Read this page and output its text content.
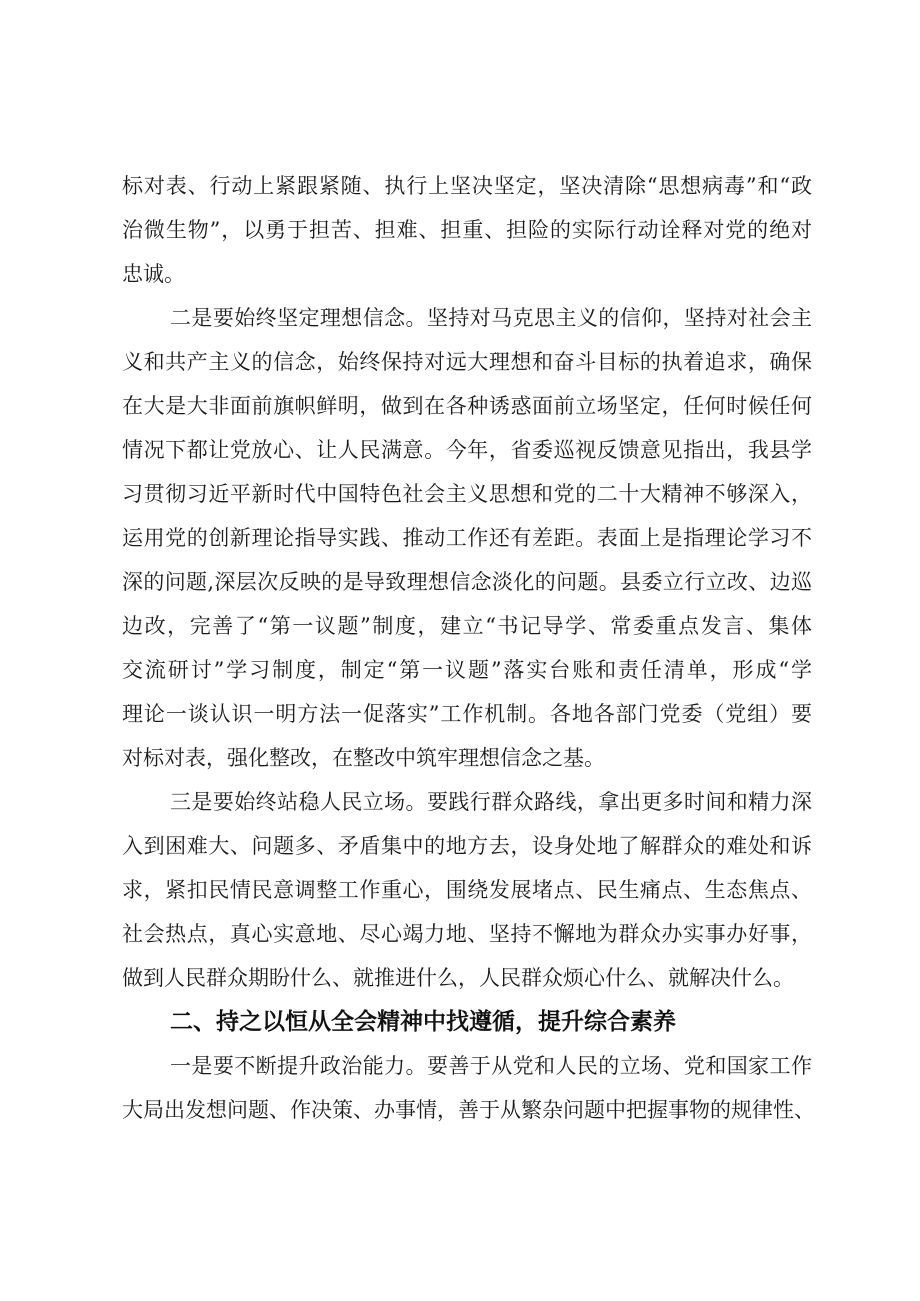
标对表、行动上紧跟紧随、执行上坚决坚定，坚决清除“思想病毒”和“政

治微生物”，以勇于担苦、担难、担重、担险的实际行动诠释对党的绝对

忠诚。

二是要始终坚定理想信念。坚持对马克思主义的信仰，坚持对社会主

义和共产主义的信念，始终保持对远大理想和奋斗目标的执着追求，确保

在大是大非面前旗帜鲜明，做到在各种诱惑面前立场坚定，任何时候任何

情况下都让党放心、让人民满意。今年，省委巡视反馈意见指出，我县学

习贯彻习近平新时代中国特色社会主义思想和党的二十大精神不够深入，

运用党的创新理论指导实践、推动工作还有差距。表面上是指理论学习不

深的问题,深层次反映的是导致理想信念淡化的问题。县委立行立改、边巡

边改，完善了“第一议题”制度，建立“书记导学、常委重点发言、集体

交流研讨”学习制度，制定“第一议题”落实台账和责任清单，形成“学

理论一谈认识一明方法一促落实”工作机制。各地各部门党委（党组）要

对标对表，强化整改，在整改中筑牢理想信念之基。

三是要始终站稳人民立场。要践行群众路线，拿出更多时间和精力深

入到困难大、问题多、矛盾集中的地方去，设身处地了解群众的难处和诉

求，紧扣民情民意调整工作重心，围绕发展堵点、民生痛点、生态焦点、

社会热点，真心实意地、尽心竭力地、坚持不懈地为群众办实事办好事，

做到人民群众期盼什么、就推进什么，人民群众烦心什么、就解决什么。

二、持之以恒从全会精神中找遵循，提升综合素养

一是要不断提升政治能力。要善于从党和人民的立场、党和国家工作

大局出发想问题、作决策、办事情，善于从繁杂问题中把握事物的规律性、
